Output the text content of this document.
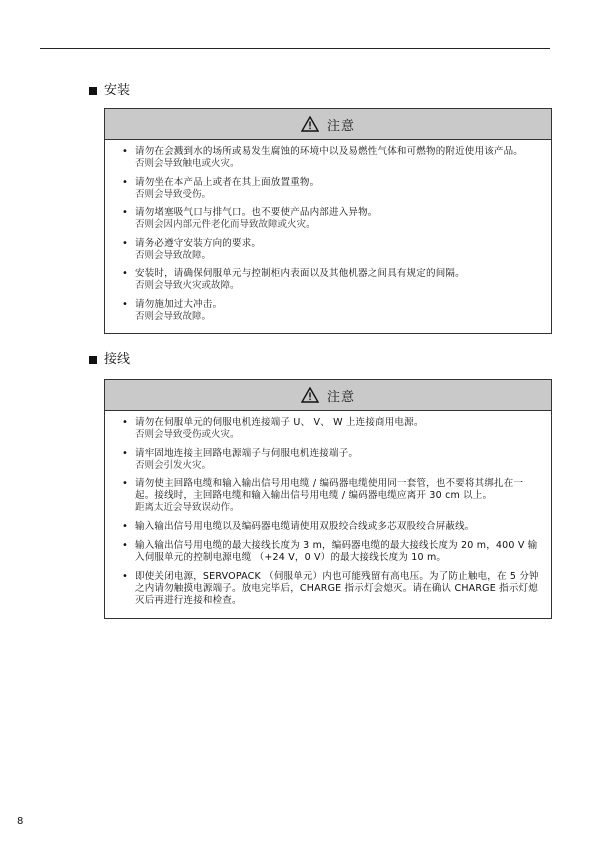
安装
注意
• 请勿在会溅到水的场所或易发生腐蚀的环境中以及易燃性气体和可燃物的附近使用该产品。
否则会导致触电或火灾。
• 请勿坐在本产品上或者在其上面放置重物。
否则会导致受伤。
• 请勿堵塞吸气口与排气口。也不要使产品内部进入异物。
否则会因内部元件老化而导致故障或火灾。
• 请务必遵守安装方向的要求。
否则会导致故障。
• 安装时，请确保伺服单元与控制柜内表面以及其他机器之间具有规定的间隔。
否则会导致火灾或故障。
• 请勿施加过大冲击。
否则会导致故障。
接线
注意
• 请勿在伺服单元的伺服电机连接端子 U、 V、 W 上连接商用电源。
否则会导致受伤或火灾。
• 请牢固地连接主回路电源端子与伺服电机连接端子。
否则会引发火灾。
• 请勿使主回路电缆和输入输出信号用电缆 / 编码器电缆使用同一套管，也不要将其绑扎在一起。接线时，主回路电缆和输入输出信号用电缆 / 编码器电缆应离开 30 cm 以上。
距离太近会导致误动作。
• 输入输出信号用电缆以及编码器电缆请使用双股绞合线或多芯双股绞合屏蔽线。
• 输入输出信号用电缆的最大接线长度为 3 m，编码器电缆的最大接线长度为 20 m，400 V 输入伺服单元的控制电源电缆 （+24 V，0 V）的最大接线长度为 10 m。
• 即使关闭电源，SERVOPACK （伺服单元）内也可能残留有高电压。为了防止触电，在 5 分钟之内请勿触摸电源端子。放电完毕后，CHARGE 指示灯会熄灭。请在确认 CHARGE 指示灯熄灭后再进行连接和检查。
8
